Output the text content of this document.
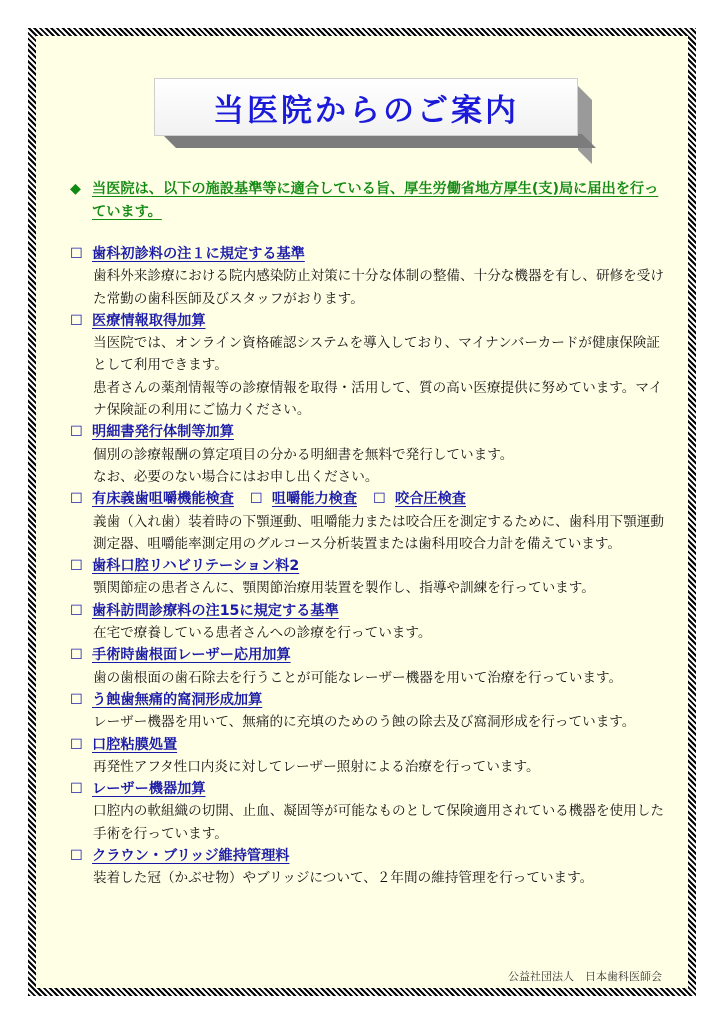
当医院からのご案内
◆ 当医院は、以下の施設基準等に適合している旨、厚生労働省地方厚生(支)局に届出を行っています。
☐ 歯科初診料の注１に規定する基準

歯科外来診療における院内感染防止対策に十分な体制の整備、十分な機器を有し、研修を受けた常勤の歯科医師及びスタッフがおります。

☐ 医療情報取得加算

当医院では、オンライン資格確認システムを導入しており、マイナンバーカードが健康保険証として利用できます。

患者さんの薬剤情報等の診療情報を取得・活用して、質の高い医療提供に努めています。マイナ保険証の利用にご協力ください。

☐ 明細書発行体制等加算

個別の診療報酬の算定項目の分かる明細書を無料で発行しています。

なお、必要のない場合にはお申し出ください。

☐ 有床義歯咀嚼機能検査 ☐ 咀嚼能力検査 ☐ 咬合圧検査

義歯（入れ歯）装着時の下顎運動、咀嚼能力または咬合圧を測定するために、歯科用下顎運動測定器、咀嚼能率測定用のグルコース分析装置または歯科用咬合力計を備えています。

☐ 歯科口腔リハビリテーション料2

顎関節症の患者さんに、顎関節治療用装置を製作し、指導や訓練を行っています。

☐ 歯科訪問診療料の注15に規定する基準

在宅で療養している患者さんへの診療を行っています。

☐ 手術時歯根面レーザー応用加算

歯の歯根面の歯石除去を行うことが可能なレーザー機器を用いて治療を行っています。

☐ う蝕歯無痛的窩洞形成加算

レーザー機器を用いて、無痛的に充填のためのう蝕の除去及び窩洞形成を行っています。

☐ 口腔粘膜処置

再発性アフタ性口内炎に対してレーザー照射による治療を行っています。

☐ レーザー機器加算

口腔内の軟組織の切開、止血、凝固等が可能なものとして保険適用されている機器を使用した手術を行っています。

☐ クラウン・ブリッジ維持管理料

装着した冠（かぶせ物）やブリッジについて、２年間の維持管理を行っています。

公益社団法人　日本歯科医師会
